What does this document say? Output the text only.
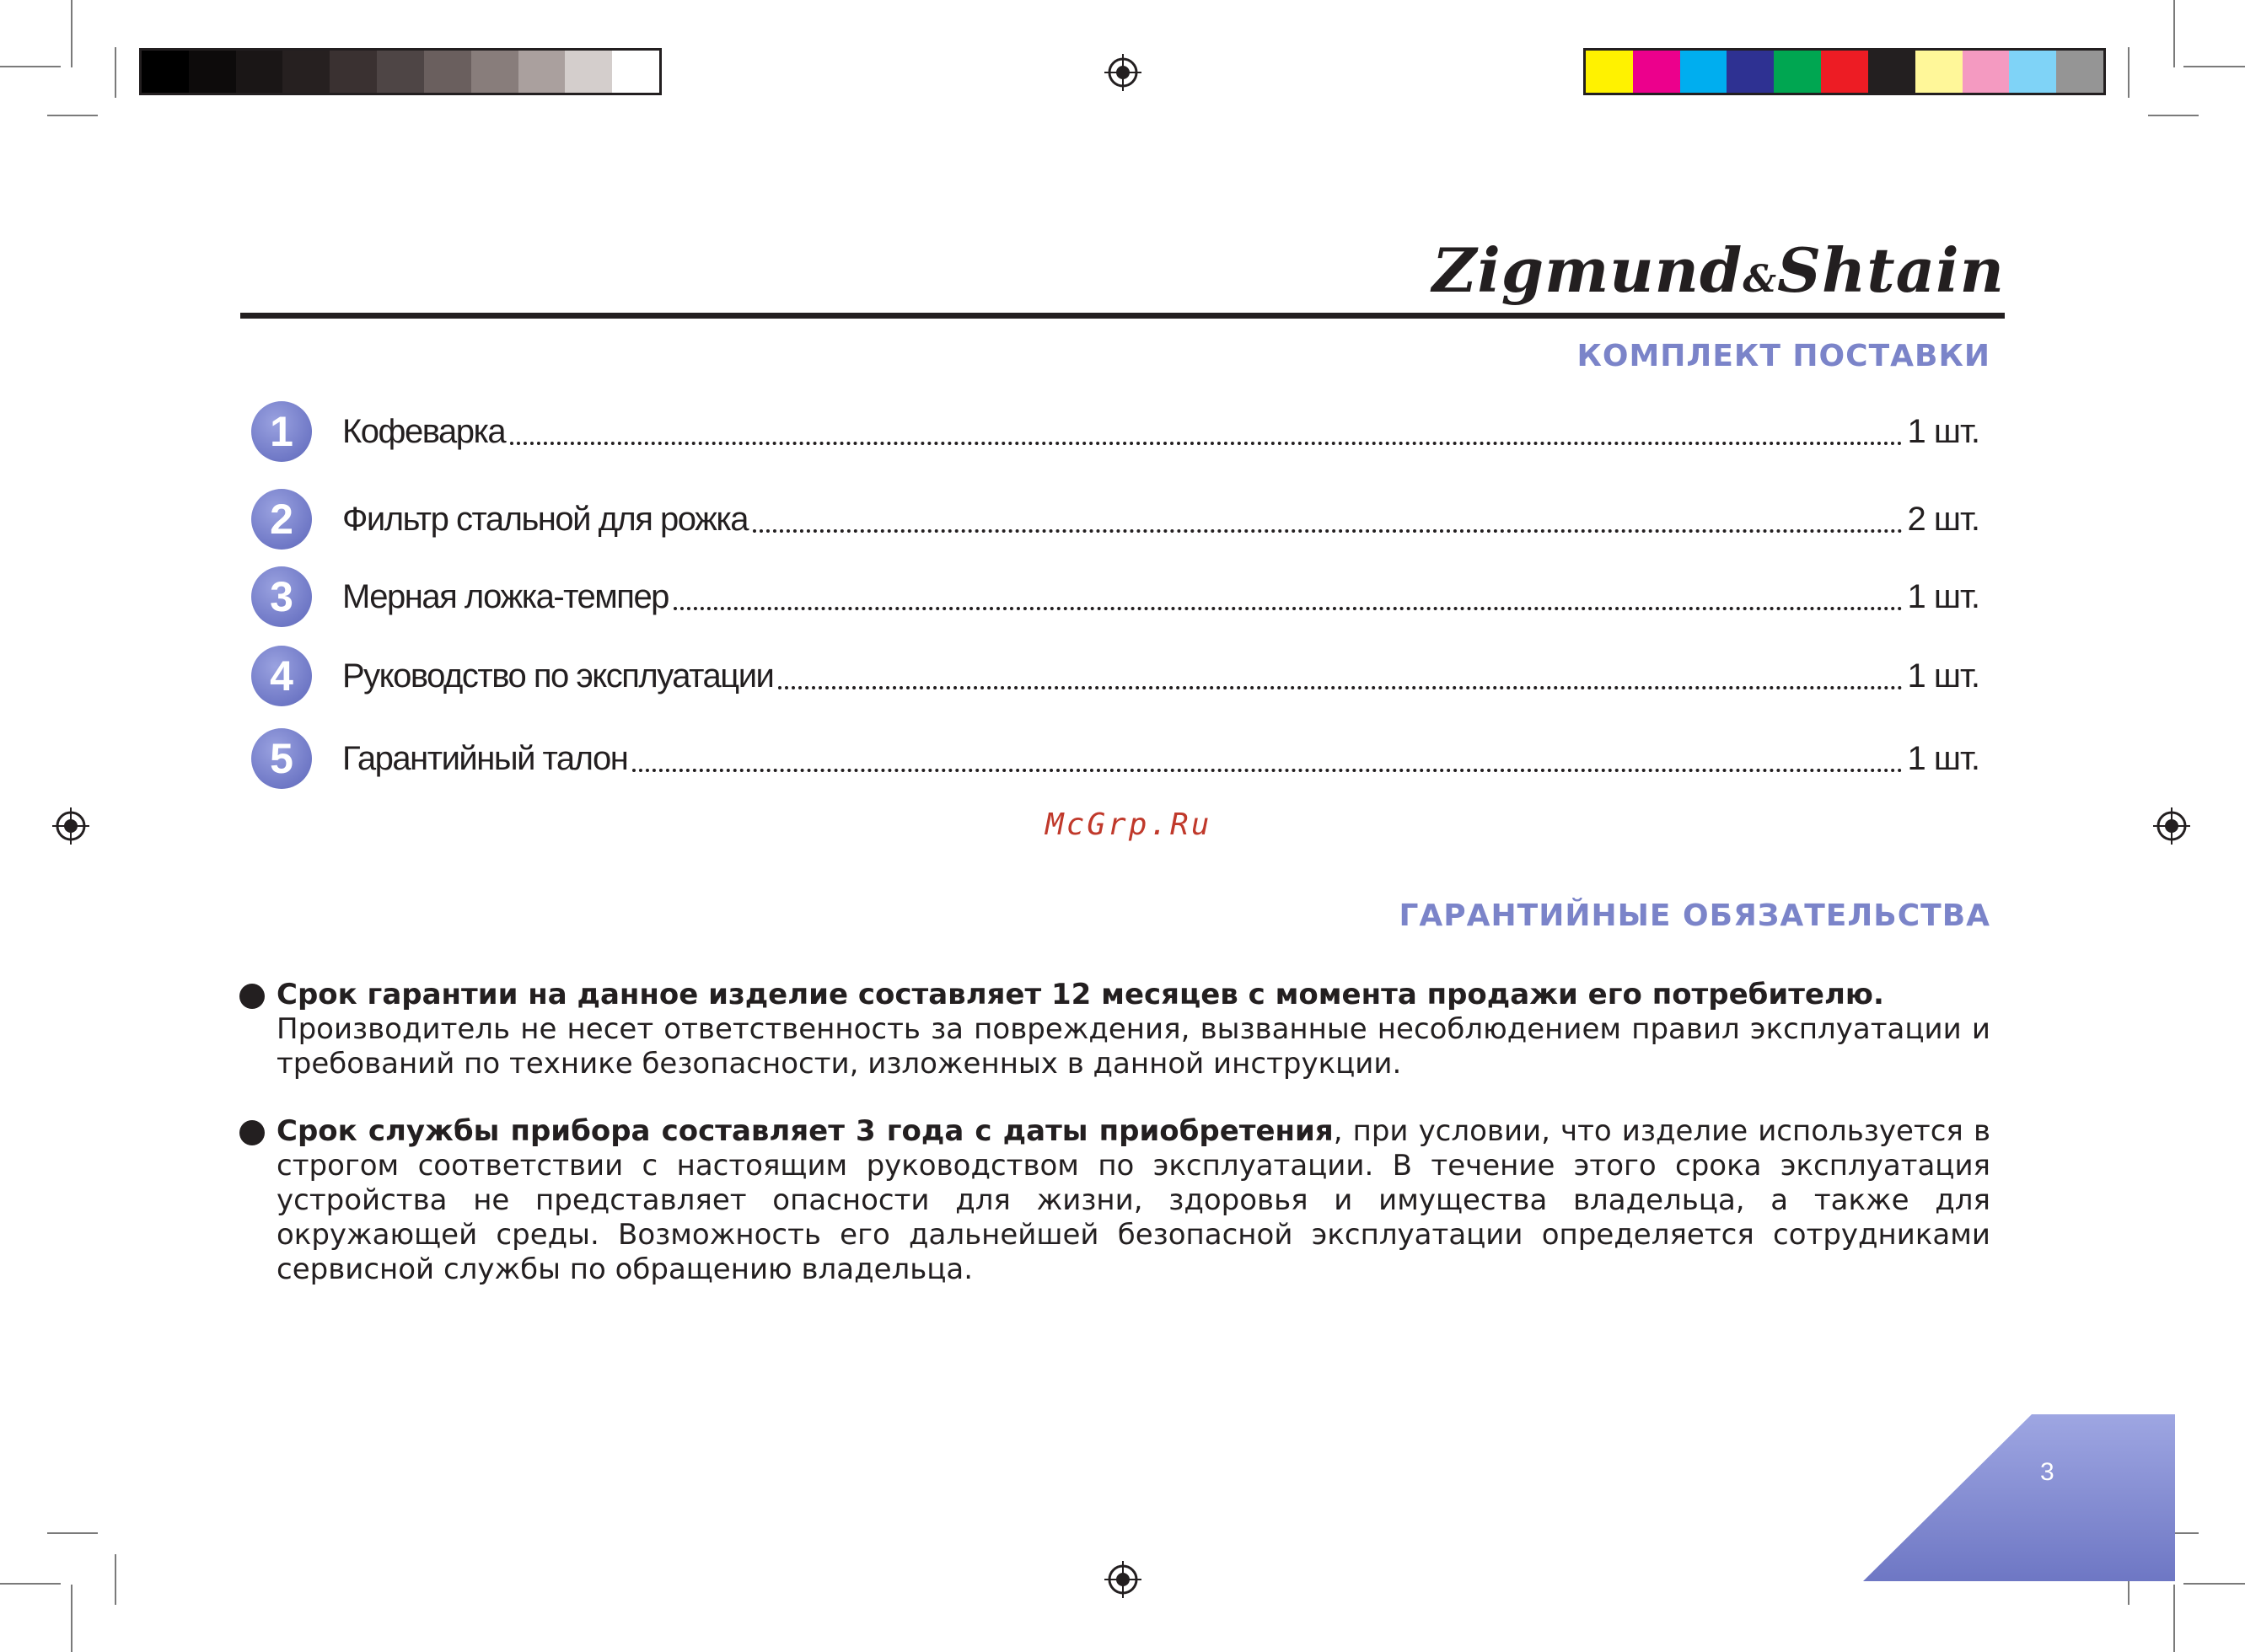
Zigmund&Shtain
КОМПЛЕКТ ПОСТАВКИ
1	Кофеварка	1 шт.
2	Фильтр стальной для рожка	2 шт.
3	Мерная ложка-темпер	1 шт.
4	Руководство по эксплуатации	1 шт.
5	Гарантийный талон	1 шт.
McGrp.Ru
ГАРАНТИЙНЫЕ ОБЯЗАТЕЛЬСТВА
Срок гарантии на данное изделие составляет 12 месяцев с момента продажи его потребителю.
Производитель не несет ответственность за повреждения, вызванные несоблюдением правил эксплуатации и требований по технике безопасности, изложенных в данной инструкции.
Срок службы прибора составляет 3 года с даты приобретения, при условии, что изделие используется в строгом соответствии с настоящим руководством по эксплуатации. В течение этого срока эксплуатация устройства не представляет опасности для жизни, здоровья и имущества владельца, а также для окружающей среды. Возможность его дальнейшей безопасной эксплуатации определяется сотрудниками сервисной службы по обращению владельца.
3
